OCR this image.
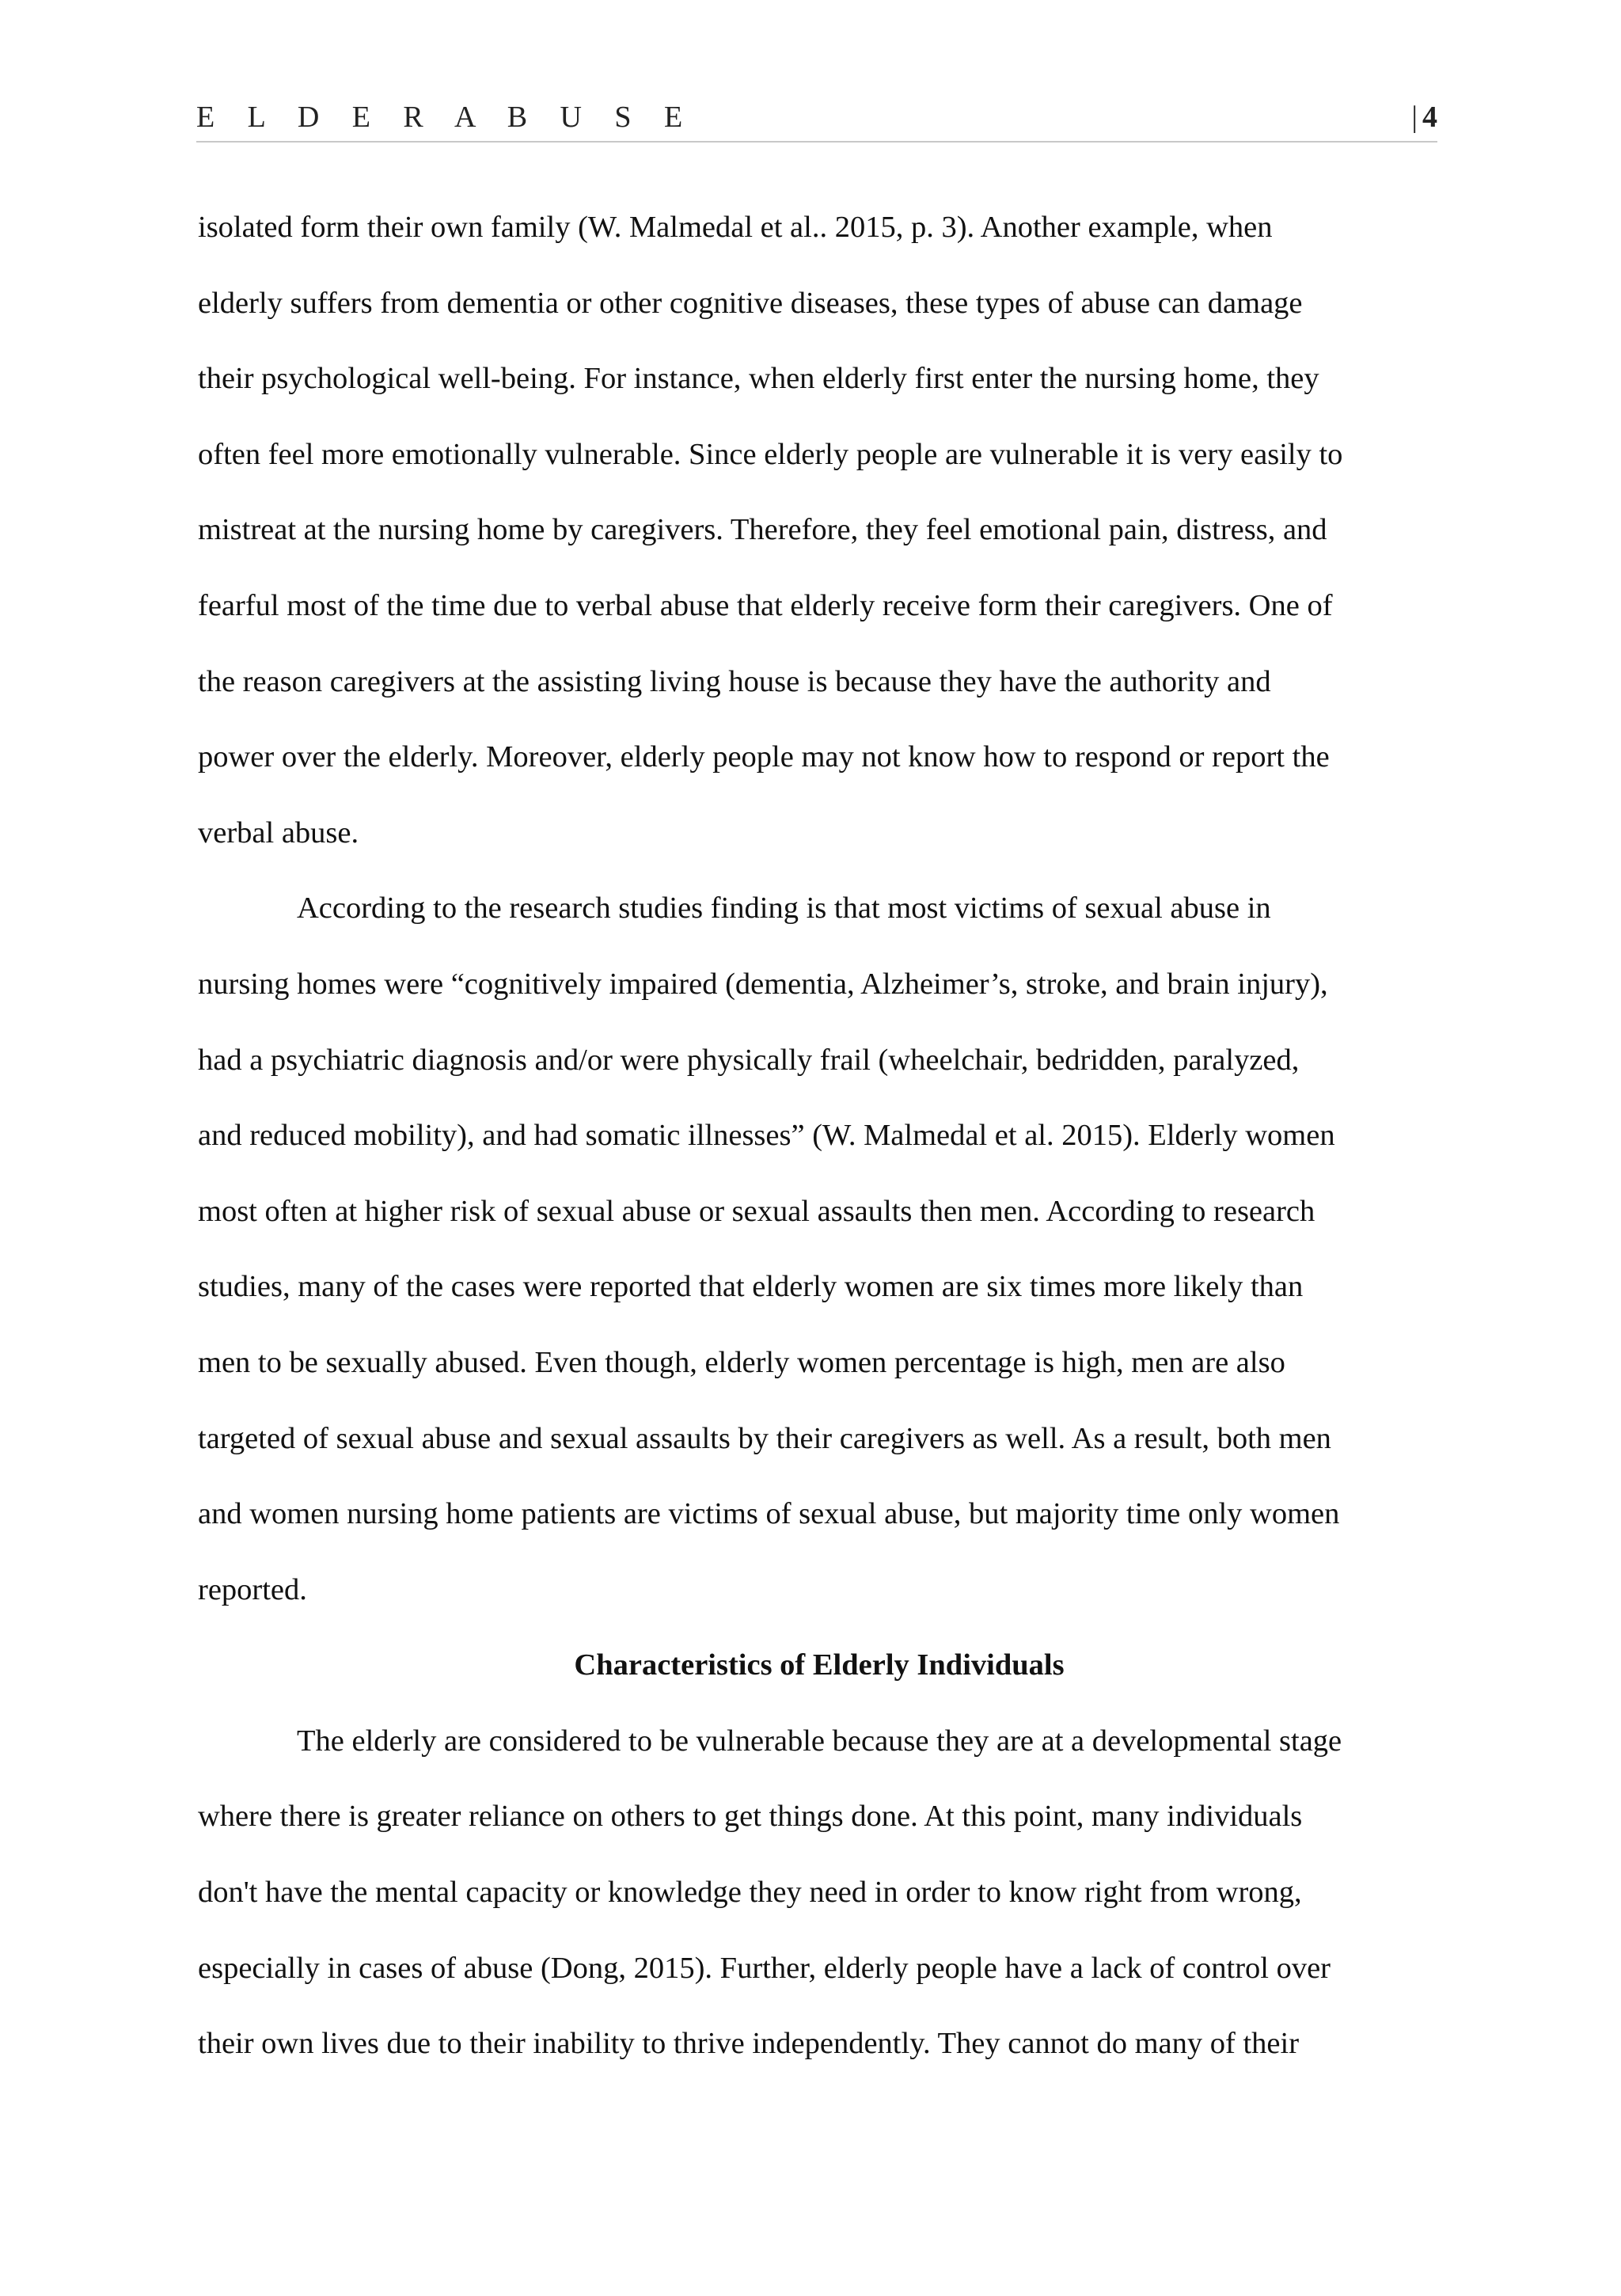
E L D E R A B U S E	| 4
isolated form their own family (W. Malmedal et al.. 2015, p. 3). Another example, when
elderly suffers from dementia or other cognitive diseases, these types of abuse can damage
their psychological well-being. For instance, when elderly first enter the nursing home, they
often feel more emotionally vulnerable. Since elderly people are vulnerable it is very easily to
mistreat at the nursing home by caregivers. Therefore, they feel emotional pain, distress, and
fearful most of the time due to verbal abuse that elderly receive form their caregivers. One of
the reason caregivers at the assisting living house is because they have the authority and
power over the elderly. Moreover, elderly people may not know how to respond or report the
verbal abuse.
According to the research studies finding is that most victims of sexual abuse in
nursing homes were “cognitively impaired (dementia, Alzheimer’s, stroke, and brain injury),
had a psychiatric diagnosis and/or were physically frail (wheelchair, bedridden, paralyzed,
and reduced mobility), and had somatic illnesses” (W. Malmedal et al. 2015). Elderly women
most often at higher risk of sexual abuse or sexual assaults then men. According to research
studies, many of the cases were reported that elderly women are six times more likely than
men to be sexually abused. Even though, elderly women percentage is high, men are also
targeted of sexual abuse and sexual assaults by their caregivers as well. As a result, both men
and women nursing home patients are victims of sexual abuse, but majority time only women
reported.
Characteristics of Elderly Individuals
The elderly are considered to be vulnerable because they are at a developmental stage
where there is greater reliance on others to get things done. At this point, many individuals
don't have the mental capacity or knowledge they need in order to know right from wrong,
especially in cases of abuse (Dong, 2015). Further, elderly people have a lack of control over
their own lives due to their inability to thrive independently. They cannot do many of their
